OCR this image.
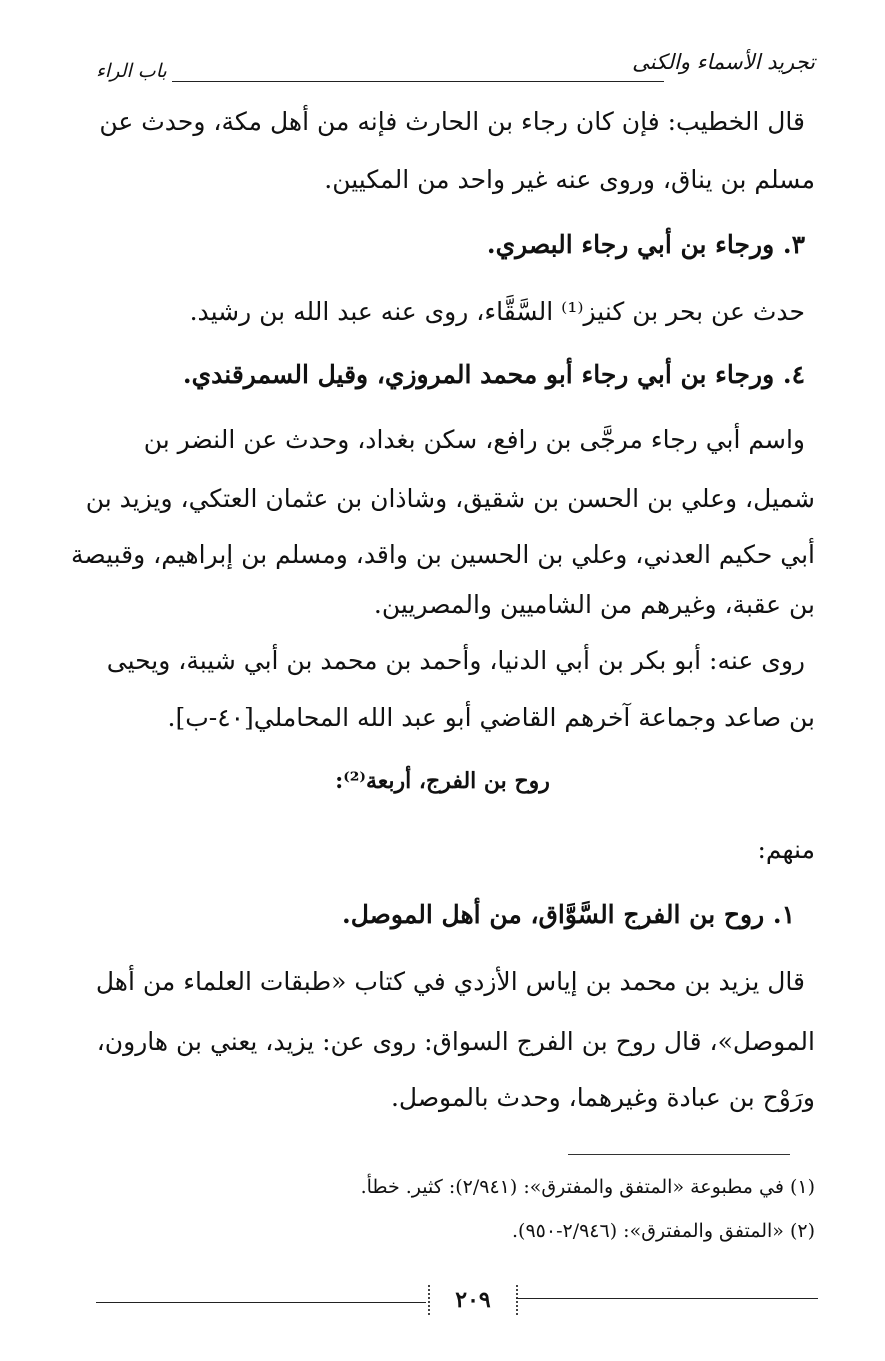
تجريد الأسماء والكنى
باب الراء
قال الخطيب: فإن كان رجاء بن الحارث فإنه من أهل مكة، وحدث عن
مسلم بن يناق، وروى عنه غير واحد من المكيين.
٣. ورجاء بن أبي رجاء البصري.
حدث عن بحر بن كنيز⁽¹⁾ السَّقَّاء، روى عنه عبد الله بن رشيد.
٤. ورجاء بن أبي رجاء أبو محمد المروزي، وقيل السمرقندي.
واسم أبي رجاء مرجَّى بن رافع، سكن بغداد، وحدث عن النضر بن
شميل، وعلي بن الحسن بن شقيق، وشاذان بن عثمان العتكي، ويزيد بن
أبي حكيم العدني، وعلي بن الحسين بن واقد، ومسلم بن إبراهيم، وقبيصة
بن عقبة، وغيرهم من الشاميين والمصريين.
روى عنه: أبو بكر بن أبي الدنيا، وأحمد بن محمد بن أبي شيبة، ويحيى
بن صاعد وجماعة آخرهم القاضي أبو عبد الله المحاملي[٤٠-ب].
روح بن الفرج، أربعة⁽²⁾:
منهم:
١. روح بن الفرج السَّوَّاق، من أهل الموصل.
قال يزيد بن محمد بن إياس الأزدي في كتاب «طبقات العلماء من أهل
الموصل»، قال روح بن الفرج السواق: روى عن: يزيد، يعني بن هارون،
ورَوْح بن عبادة وغيرهما، وحدث بالموصل.
(١) في مطبوعة «المتفق والمفترق»: (٢/٩٤١): كثير. خطأ.
(٢) «المتفق والمفترق»: (٢/٩٤٦-٩٥٠).
٢٠٩
